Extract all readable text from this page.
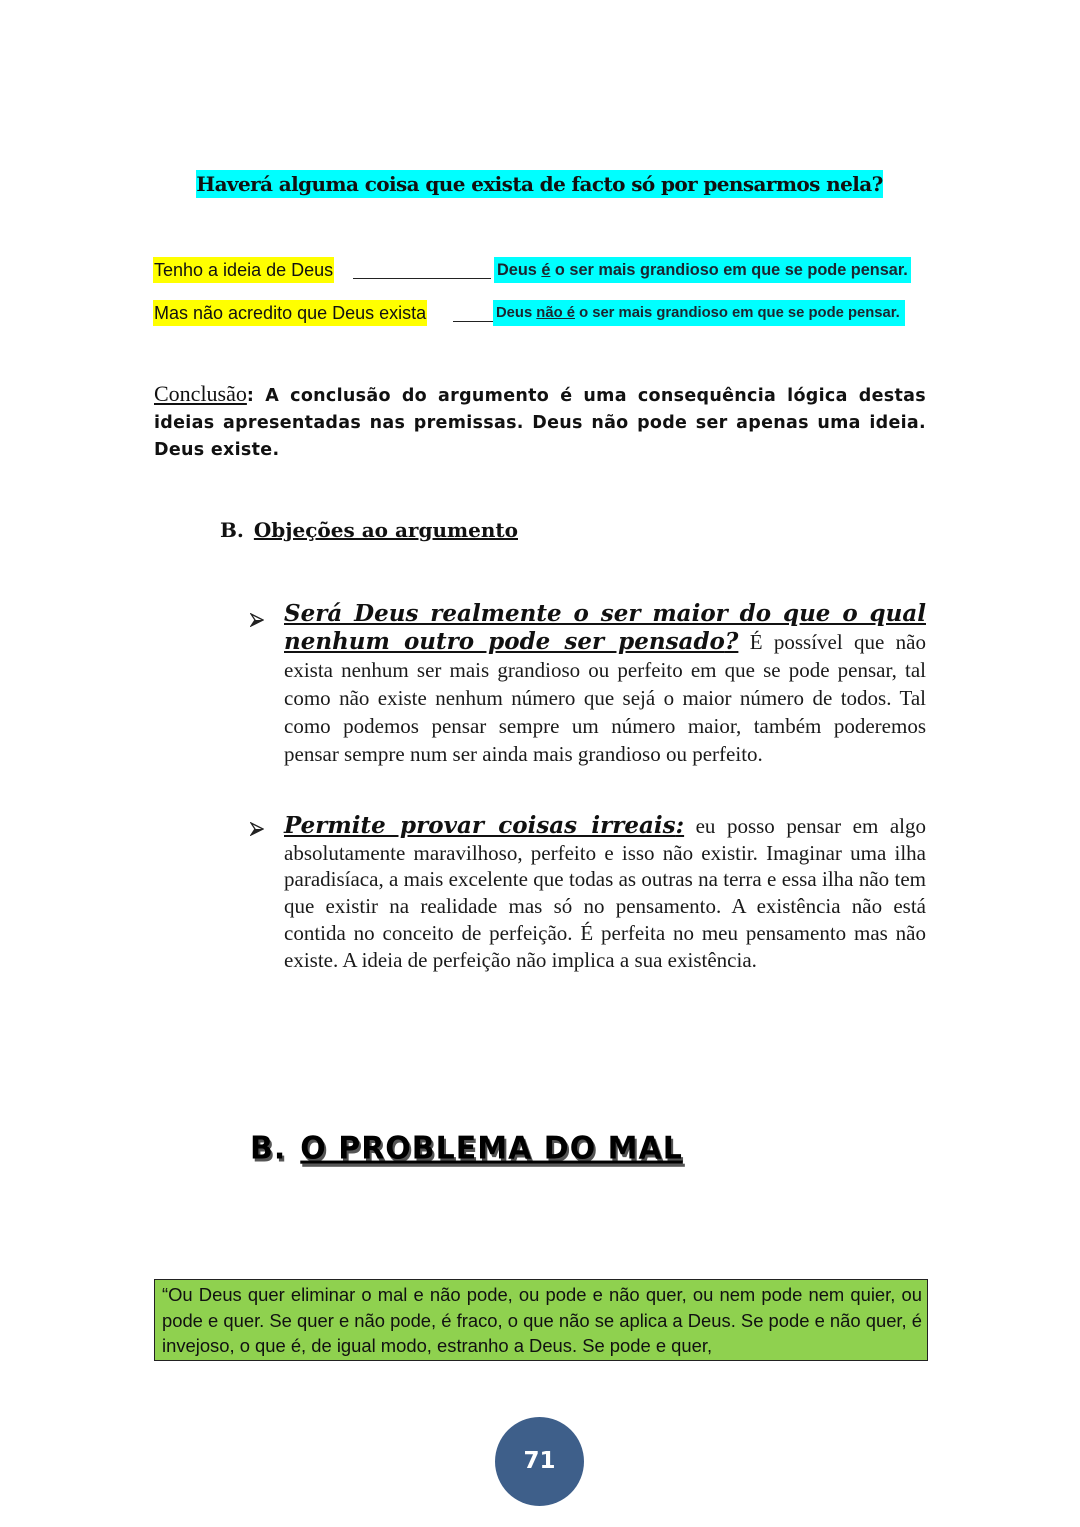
Haverá alguma coisa que exista de facto só por pensarmos nela?
Tenho a ideia de Deus	Deus é o ser mais grandioso em que se pode pensar.
Mas não acredito que Deus exista	Deus não é o ser mais grandioso em que se pode pensar.
Conclusão: A conclusão do argumento é uma consequência lógica destas ideias apresentadas nas premissas. Deus não pode ser apenas uma ideia. Deus existe.
B. Objeções ao argumento
Será Deus realmente o ser maior do que o qual nenhum outro pode ser pensado? É possível que não exista nenhum ser mais grandioso ou perfeito em que se pode pensar, tal como não existe nenhum número que sejá o maior número de todos. Tal como podemos pensar sempre um número maior, também poderemos pensar sempre num ser ainda mais grandioso ou perfeito.
Permite provar coisas irreais: eu posso pensar em algo absolutamente maravilhoso, perfeito e isso não existir. Imaginar uma ilha paradisíaca, a mais excelente que todas as outras na terra e essa ilha não tem que existir na realidade mas só no pensamento. A existência não está contida no conceito de perfeição. É perfeita no meu pensamento mas não existe. A ideia de perfeição não implica a sua existência.
B. O PROBLEMA DO MAL
“Ou Deus quer eliminar o mal e não pode, ou pode e não quer, ou nem pode nem quier, ou pode e quer. Se quer e não pode, é fraco, o que não se aplica a Deus. Se pode e não quer, é invejoso, o que é, de igual modo, estranho a Deus. Se pode e quer,
71
